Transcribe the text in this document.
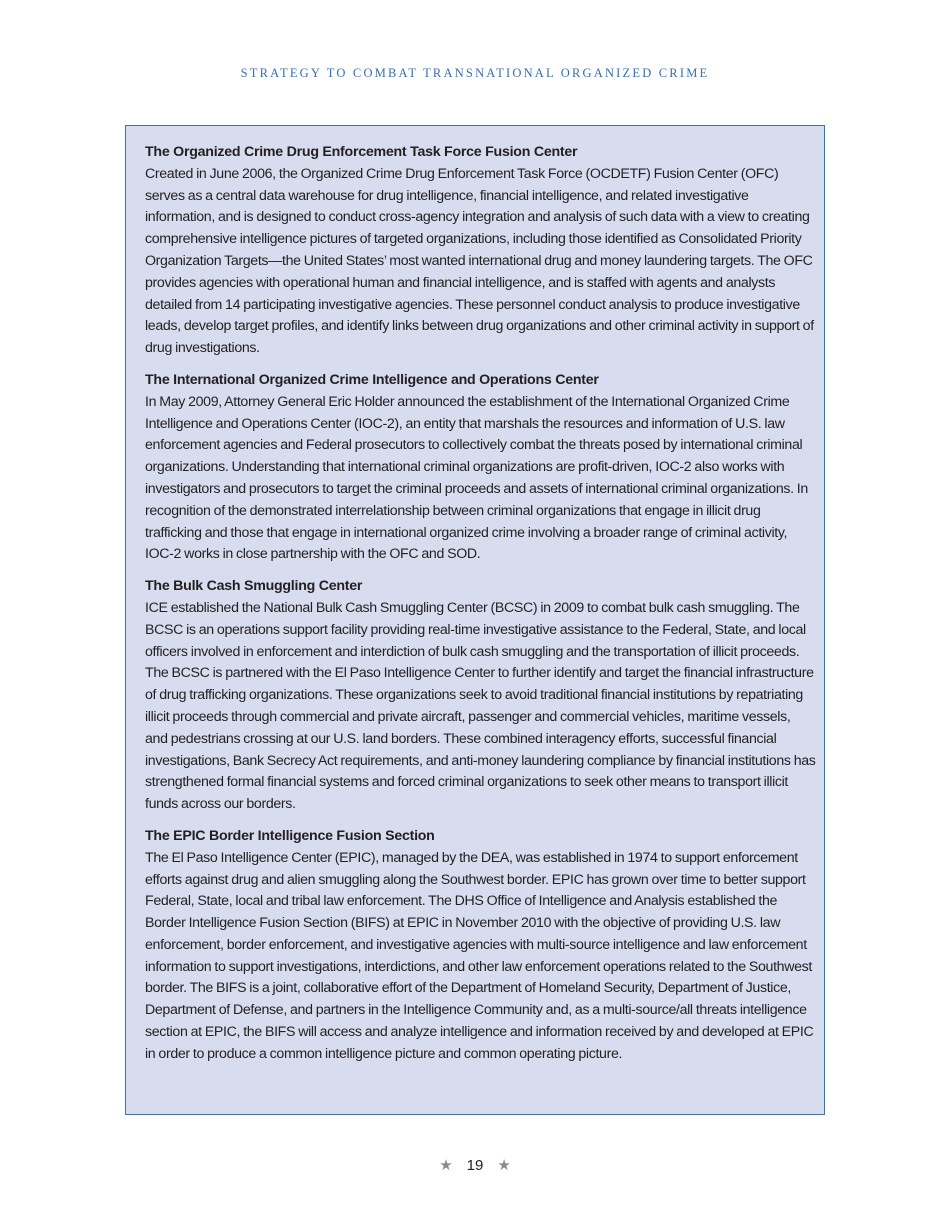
STRATEGY TO COMBAT TRANSNATIONAL ORGANIZED CRIME

The Organized Crime Drug Enforcement Task Force Fusion Center

Created in June 2006, the Organized Crime Drug Enforcement Task Force (OCDETF) Fusion Center (OFC) serves as a central data warehouse for drug intelligence, financial intelligence, and related investigative information, and is designed to conduct cross-agency integration and analysis of such data with a view to creating comprehensive intelligence pictures of targeted organizations, including those identified as Consolidated Priority Organization Targets—the United States’ most wanted international drug and money laundering targets. The OFC provides agencies with operational human and financial intelligence, and is staffed with agents and analysts detailed from 14 participating investigative agencies. These personnel conduct analysis to produce investigative leads, develop target profiles, and identify links between drug organizations and other criminal activity in support of drug investigations.

The International Organized Crime Intelligence and Operations Center

In May 2009, Attorney General Eric Holder announced the establishment of the International Organized Crime Intelligence and Operations Center (IOC-2), an entity that marshals the resources and information of U.S. law enforcement agencies and Federal prosecutors to collectively combat the threats posed by international criminal organizations. Understanding that international criminal organizations are profit-driven, IOC-2 also works with investigators and prosecutors to target the criminal proceeds and assets of international criminal organizations. In recognition of the demonstrated interrelationship between criminal organizations that engage in illicit drug trafficking and those that engage in international organized crime involving a broader range of criminal activity, IOC-2 works in close partnership with the OFC and SOD.

The Bulk Cash Smuggling Center

ICE established the National Bulk Cash Smuggling Center (BCSC) in 2009 to combat bulk cash smuggling. The BCSC is an operations support facility providing real-time investigative assistance to the Federal, State, and local officers involved in enforcement and interdiction of bulk cash smuggling and the transportation of illicit proceeds. The BCSC is partnered with the El Paso Intelligence Center to further identify and target the financial infrastructure of drug trafficking organizations. These organizations seek to avoid traditional financial institutions by repatriating illicit proceeds through commercial and private aircraft, passenger and commercial vehicles, maritime vessels, and pedestrians crossing at our U.S. land borders. These combined interagency efforts, successful financial investigations, Bank Secrecy Act requirements, and anti-money laundering compliance by financial institutions has strengthened formal financial systems and forced criminal organizations to seek other means to transport illicit funds across our borders.

The EPIC Border Intelligence Fusion Section

The El Paso Intelligence Center (EPIC), managed by the DEA, was established in 1974 to support enforcement efforts against drug and alien smuggling along the Southwest border. EPIC has grown over time to better support Federal, State, local and tribal law enforcement. The DHS Office of Intelligence and Analysis established the Border Intelligence Fusion Section (BIFS) at EPIC in November 2010 with the objective of providing U.S. law enforcement, border enforcement, and investigative agencies with multi-source intelligence and law enforcement information to support investigations, interdictions, and other law enforcement operations related to the Southwest border. The BIFS is a joint, collaborative effort of the Department of Homeland Security, Department of Justice, Department of Defense, and partners in the Intelligence Community and, as a multi-source/all threats intelligence section at EPIC, the BIFS will access and analyze intelligence and information received by and developed at EPIC in order to produce a common intelligence picture and common operating picture.

★ 19 ★
